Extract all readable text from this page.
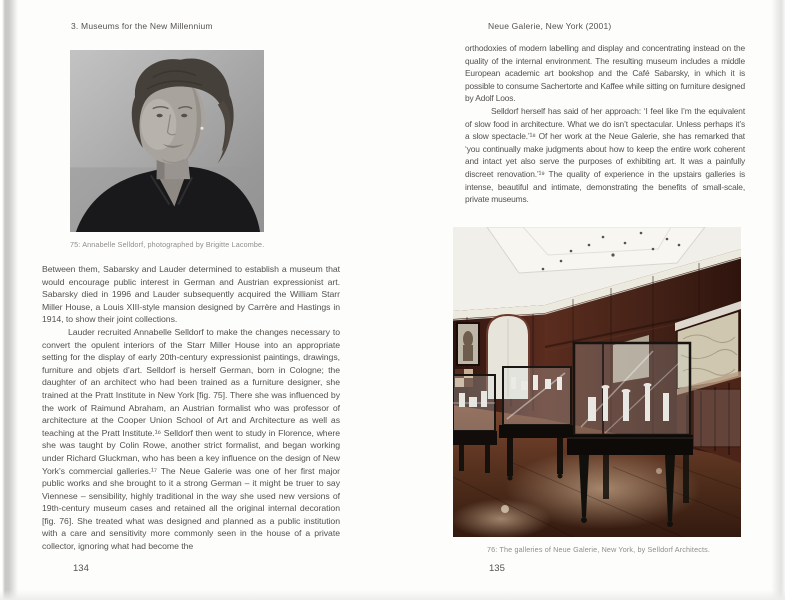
3. Museums for the New Millennium	Neue Galerie, New York (2001)
75: Annabelle Selldorf, photographed by Brigitte Lacombe.

Between them, Sabarsky and Lauder determined to establish a museum that would encourage public interest in German and Austrian expressionist art. Sabarsky died in 1996 and Lauder subsequently acquired the William Starr Miller House, a Louis XIII-style mansion designed by Carrère and Hastings in 1914, to show their joint collections.

Lauder recruited Annabelle Selldorf to make the changes necessary to convert the opulent interiors of the Starr Miller House into an appropriate setting for the display of early 20th-century expressionist paintings, drawings, furniture and objets d’art. Selldorf is herself German, born in Cologne; the daughter of an architect who had been trained as a furniture designer, she trained at the Pratt Institute in New York [fig. 75]. There she was influenced by the work of Raimund Abraham, an Austrian formalist who was professor of architecture at the Cooper Union School of Art and Architecture as well as teaching at the Pratt Institute.¹⁶ Selldorf then went to study in Florence, where she was taught by Colin Rowe, another strict formalist, and began working under Richard Gluckman, who has been a key influence on the design of New York’s commercial galleries.¹⁷ The Neue Galerie was one of her first major public works and she brought to it a strong German – it might be truer to say Viennese – sensibility, highly traditional in the way she used new versions of 19th-century museum cases and retained all the original internal decoration [fig. 76]. She treated what was designed and planned as a public institution with a care and sensitivity more commonly seen in the house of a private collector, ignoring what had become the

134

orthodoxies of modern labelling and display and concentrating instead on the quality of the internal environment. The resulting museum includes a middle European academic art bookshop and the Café Sabarsky, in which it is possible to consume Sachertorte and Kaffee while sitting on furniture designed by Adolf Loos.

Selldorf herself has said of her approach: ‘I feel like I’m the equivalent of slow food in architecture. What we do isn’t spectacular. Unless perhaps it’s a slow spectacle.’¹⁸ Of her work at the Neue Galerie, she has remarked that ‘you continually make judgments about how to keep the entire work coherent and intact yet also serve the purposes of exhibiting art. It was a painfully discreet renovation.’¹⁹ The quality of experience in the upstairs galleries is intense, beautiful and intimate, demonstrating the benefits of small-scale, private museums.

76: The galleries of Neue Galerie, New York, by Selldorf Architects.
135
